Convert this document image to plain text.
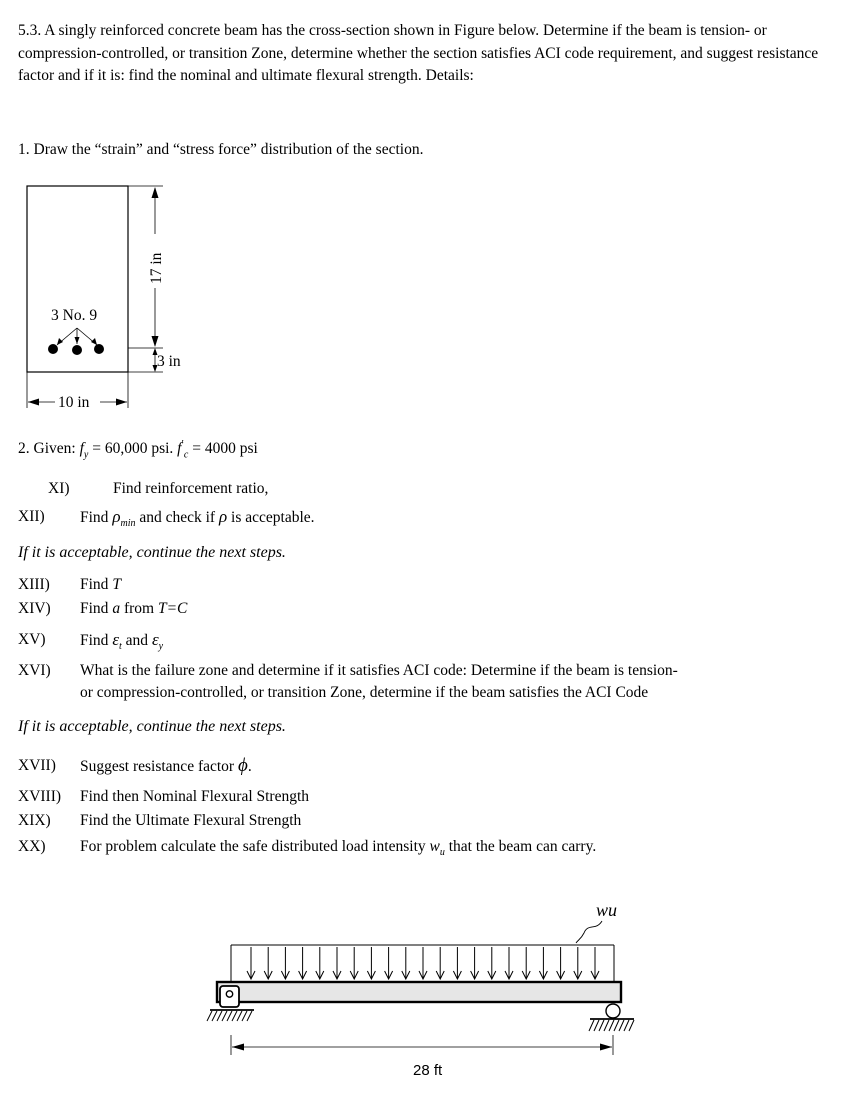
5.3. A singly reinforced concrete beam has the cross-section shown in Figure below. Determine if the beam is tension- or compression-controlled, or transition Zone, determine whether the section satisfies ACI code requirement, and suggest resistance factor and if it is: find the nominal and ultimate flexural strength. Details:
1. Draw the “strain” and “stress force” distribution of the section.
17 in
3 in
3 No. 9
10 in
2. Given: $f_y = 60,000$ psi. $f'_c = 4000$ psi
XI)	Find reinforcement ratio,
XII) Find $\rho_{min}$ and check if ρ is acceptable.
If it is acceptable, continue the next steps.
XIII) Find T
XIV) Find a from T=C
XV) Find $\varepsilon_t$ and $\varepsilon_y$
XVI) What is the failure zone and determine if it satisfies ACI code: Determine if the beam is tension-
or compression-controlled, or transition Zone, determine if the beam satisfies the ACI Code
If it is acceptable, continue the next steps.
XVII) Suggest resistance factor ϕ.
XVIII) Find then Nominal Flexural Strength
XIX) Find the Ultimate Flexural Strength
XX) For problem calculate the safe distributed load intensity $w_u$ that the beam can carry.
wu
28 ft
